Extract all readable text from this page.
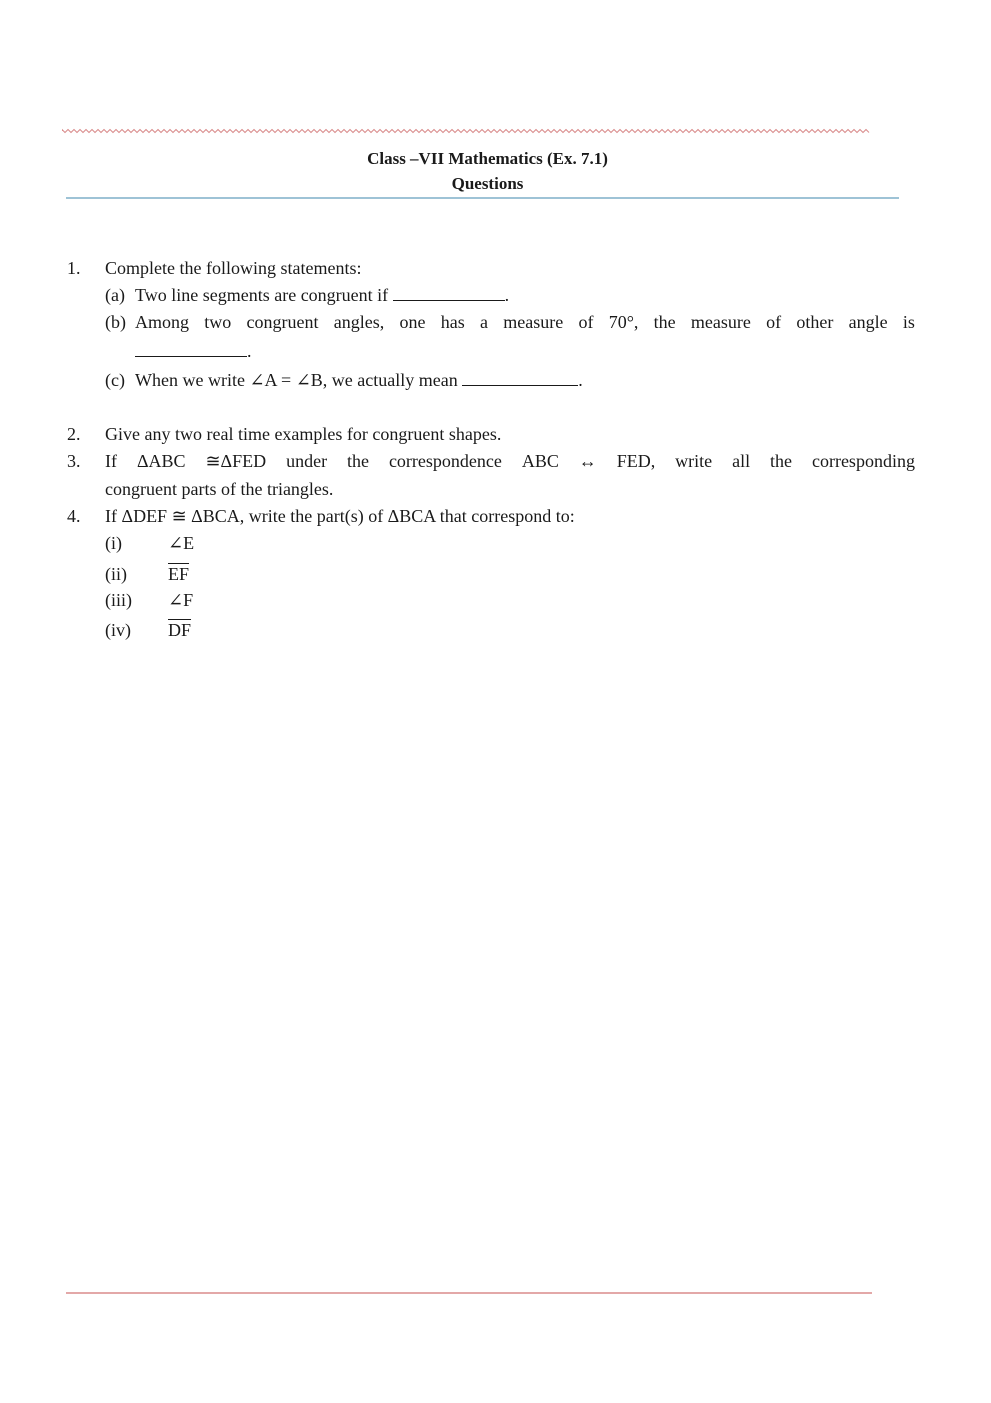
Class –VII Mathematics (Ex. 7.1)
Questions
1. Complete the following statements:
(a) Two line segments are congruent if	.
(b) Among two congruent angles, one has a measure of 70°, the measure of other angle is
.
(c) When we write ∠A = ∠B, we actually mean	.
2. Give any two real time examples for congruent shapes.
3. If ΔABC ≅ΔFED under the correspondence ABC ↔ FED, write all the corresponding
congruent parts of the triangles.
4. If ΔDEF ≅ ΔBCA, write the part(s) of ΔBCA that correspond to:
(i)	∠E
(ii) $\overline{EF}$
(iii) ∠F
(iv) $\overline{DF}$
